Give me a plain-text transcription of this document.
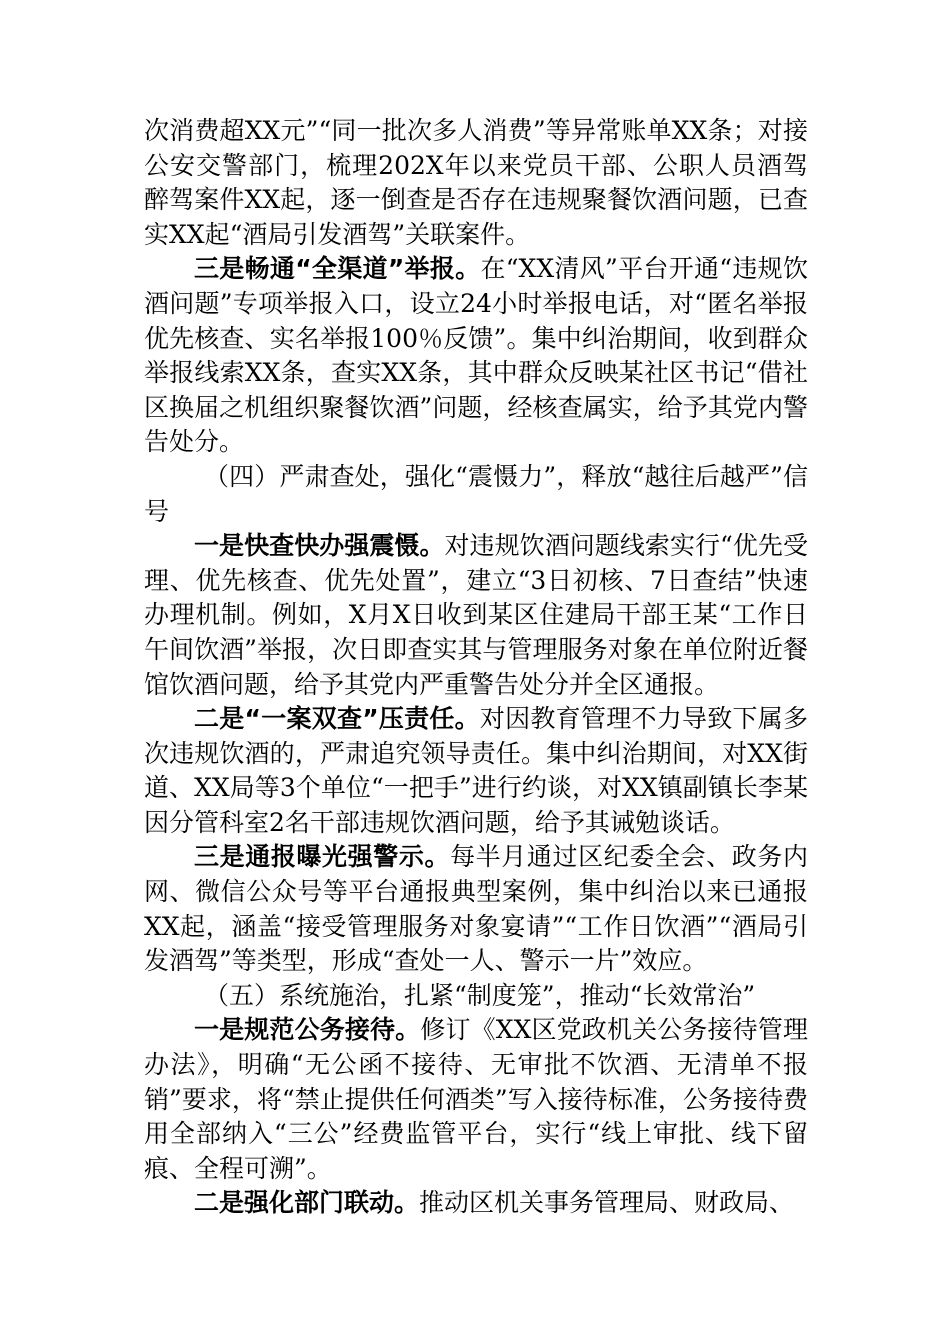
次消费超XX元”“同一批次多人消费”等异常账单XX条；对接公安交警部门，梳理202X年以来党员干部、公职人员酒驾醉驾案件XX起，逐一倒查是否存在违规聚餐饮酒问题，已查实XX起“酒局引发酒驾”关联案件。

三是畅通“全渠道”举报。在“XX清风”平台开通“违规饮酒问题”专项举报入口，设立24小时举报电话，对“匿名举报优先核查、实名举报100％反馈”。集中纠治期间，收到群众举报线索XX条，查实XX条，其中群众反映某社区书记“借社区换届之机组织聚餐饮酒”问题，经核查属实，给予其党内警告处分。

（四）严肃查处，强化“震慑力”，释放“越往后越严”信号

一是快查快办强震慑。对违规饮酒问题线索实行“优先受理、优先核查、优先处置”，建立“3日初核、7日查结”快速办理机制。例如，X月X日收到某区住建局干部王某“工作日午间饮酒”举报，次日即查实其与管理服务对象在单位附近餐馆饮酒问题，给予其党内严重警告处分并全区通报。

二是“一案双查”压责任。对因教育管理不力导致下属多次违规饮酒的，严肃追究领导责任。集中纠治期间，对XX街道、XX局等3个单位“一把手”进行约谈，对XX镇副镇长李某因分管科室2名干部违规饮酒问题，给予其诫勉谈话。

三是通报曝光强警示。每半月通过区纪委全会、政务内网、微信公众号等平台通报典型案例，集中纠治以来已通报XX起，涵盖“接受管理服务对象宴请”“工作日饮酒”“酒局引发酒驾”等类型，形成“查处一人、警示一片”效应。

（五）系统施治，扎紧“制度笼”，推动“长效常治”

一是规范公务接待。修订《XX区党政机关公务接待管理办法》，明确“无公函不接待、无审批不饮酒、无清单不报销”要求，将“禁止提供任何酒类”写入接待标准，公务接待费用全部纳入“三公”经费监管平台，实行“线上审批、线下留痕、全程可溯”。

二是强化部门联动。推动区机关事务管理局、财政局、
